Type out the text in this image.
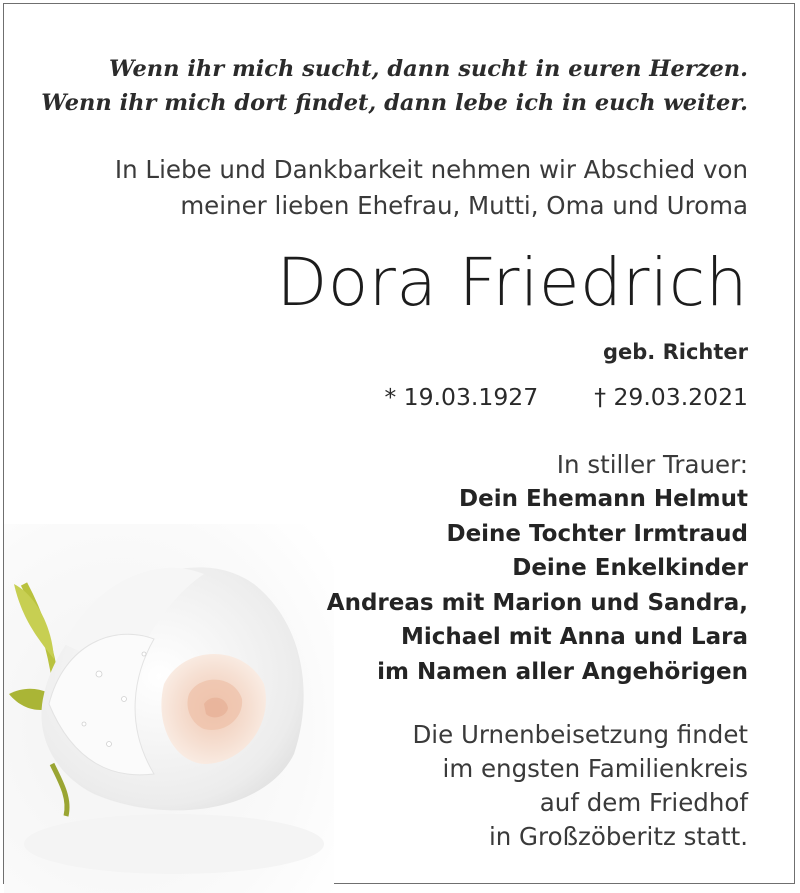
Wenn ihr mich sucht, dann sucht in euren Herzen.
Wenn ihr mich dort findet, dann lebe ich in euch weiter.
In Liebe und Dankbarkeit nehmen wir Abschied von
meiner lieben Ehefrau, Mutti, Oma und Uroma
Dora Friedrich
geb. Richter
* 19.03.1927 † 29.03.2021
In stiller Trauer:
Dein Ehemann Helmut
Deine Tochter Irmtraud
Deine Enkelkinder
Andreas mit Marion und Sandra,
Michael mit Anna und Lara
im Namen aller Angehörigen
Die Urnenbeisetzung findet
im engsten Familienkreis
auf dem Friedhof
in Großzöberitz statt.
